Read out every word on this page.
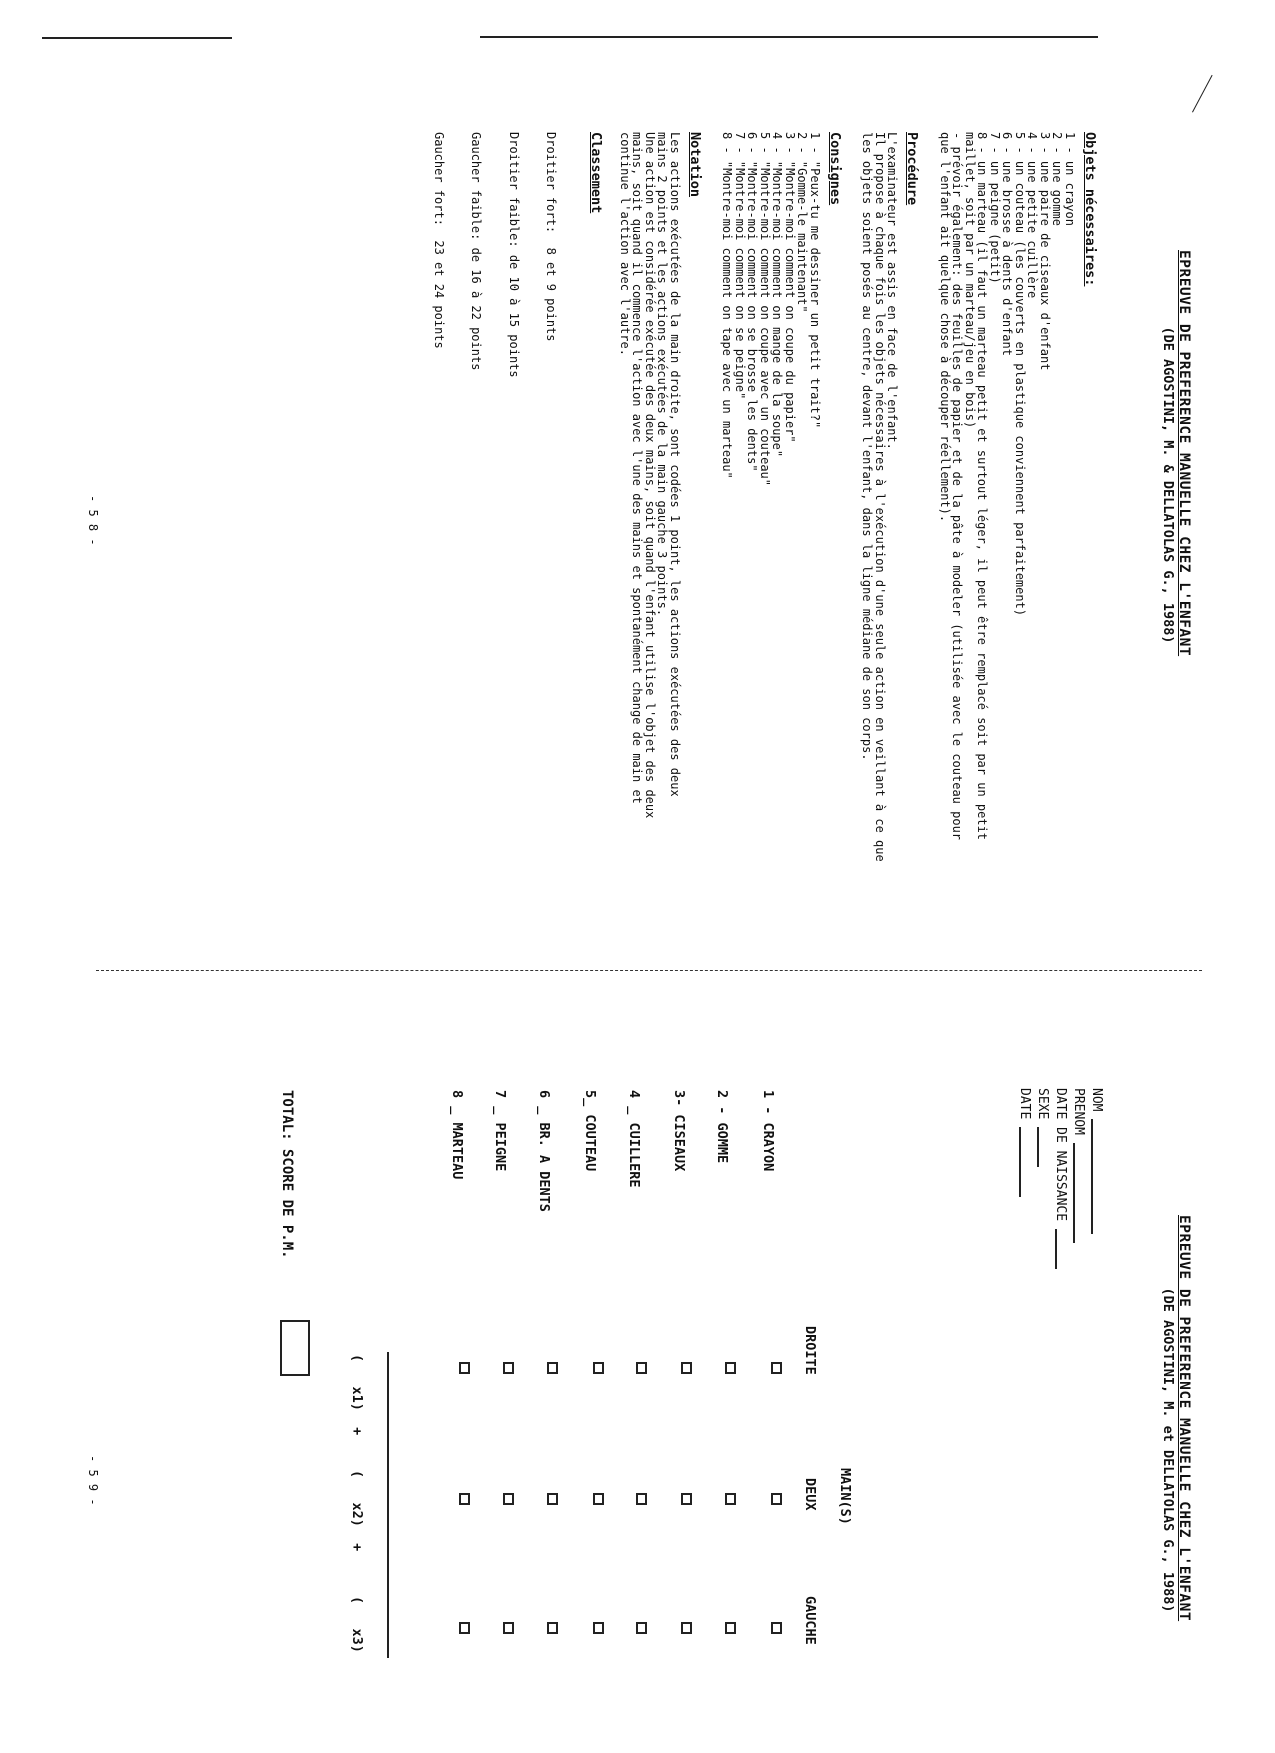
EPREUVE DE PREFERENCE MANUELLE CHEZ L'ENFANT
(DE AGOSTINI, M. & DELLATOLAS G., 1988)

Objets nécessaires:

1 - un crayon
2 - une gomme
3 - une paire de ciseaux d'enfant
4 - une petite cuillère
5 - un couteau (les couverts en plastique conviennent parfaitement)
6 - une brosse à dents d'enfant
7 - un peigne (petit)
8 - un marteau (il faut un marteau petit et surtout léger, il peut être remplacé soit par un petit
maillet, soit par un marteau/jeu en bois)
- prévoir également: des feuilles de papier et de la pâte à modeler (utilisée avec le couteau pour
que l'enfant ait quelque chose à découper réellement).

Procédure

L'examinateur est assis en face de l'enfant.
Il propose à chaque fois les objets nécessaires à l'exécution d'une seule action en veillant à ce que
les objets soient posés au centre, devant l'enfant, dans la ligne médiane de son corps.

Consignes

1 - "Peux-tu me dessiner un petit trait?"
2 - "Gomme-le maintenant"
3 - "Montre-moi comment on coupe du papier"
4 - "Montre-moi comment on mange de la soupe"
5 - "Montre-moi comment on coupe avec un couteau"
6 - "Montre-moi comment on se brosse les dents"
7 - "Montre-moi comment on se peigne"
8 - "Montre-moi comment on tape avec un marteau"

Notation

Les actions exécutées de la main droite, sont codées 1 point, les actions exécutées des deux
mains 2 points et les actions exécutées de la main gauche 3 points.
Une action est considérée exécutée des deux mains, soit quand l'enfant utilise l'objet des deux
mains, soit quand il commence l'action avec l'une des mains et spontanément change de main et
continue l'action avec l'autre.

Classement

Droitier fort:  8 et 9 points

Droitier faible: de 10 à 15 points

Gaucher faible: de 16 à 22 points

Gaucher fort:  23 et 24 points

- 5 8 -
EPREUVE DE PREFERENCE MANUELLE CHEZ L'ENFANT
(DE AGOSTINI, M. et DELLATOLAS G., 1988)
NOM
PRENOM
DATE DE NAISSANCE
SEXE
DATE
MAIN(S)
DROITE
DEUX
GAUCHE
1 - CRAYON
2 - GOMME
3- CISEAUX
4 _ CUILLERE
5_ COUTEAU
6 _ BR. A DENTS
7 _ PEIGNE
8 _ MARTEAU
(   x1)  +
(   x2)  +
(   x3)
TOTAL: SCORE DE P.M.
- 5 9 -
